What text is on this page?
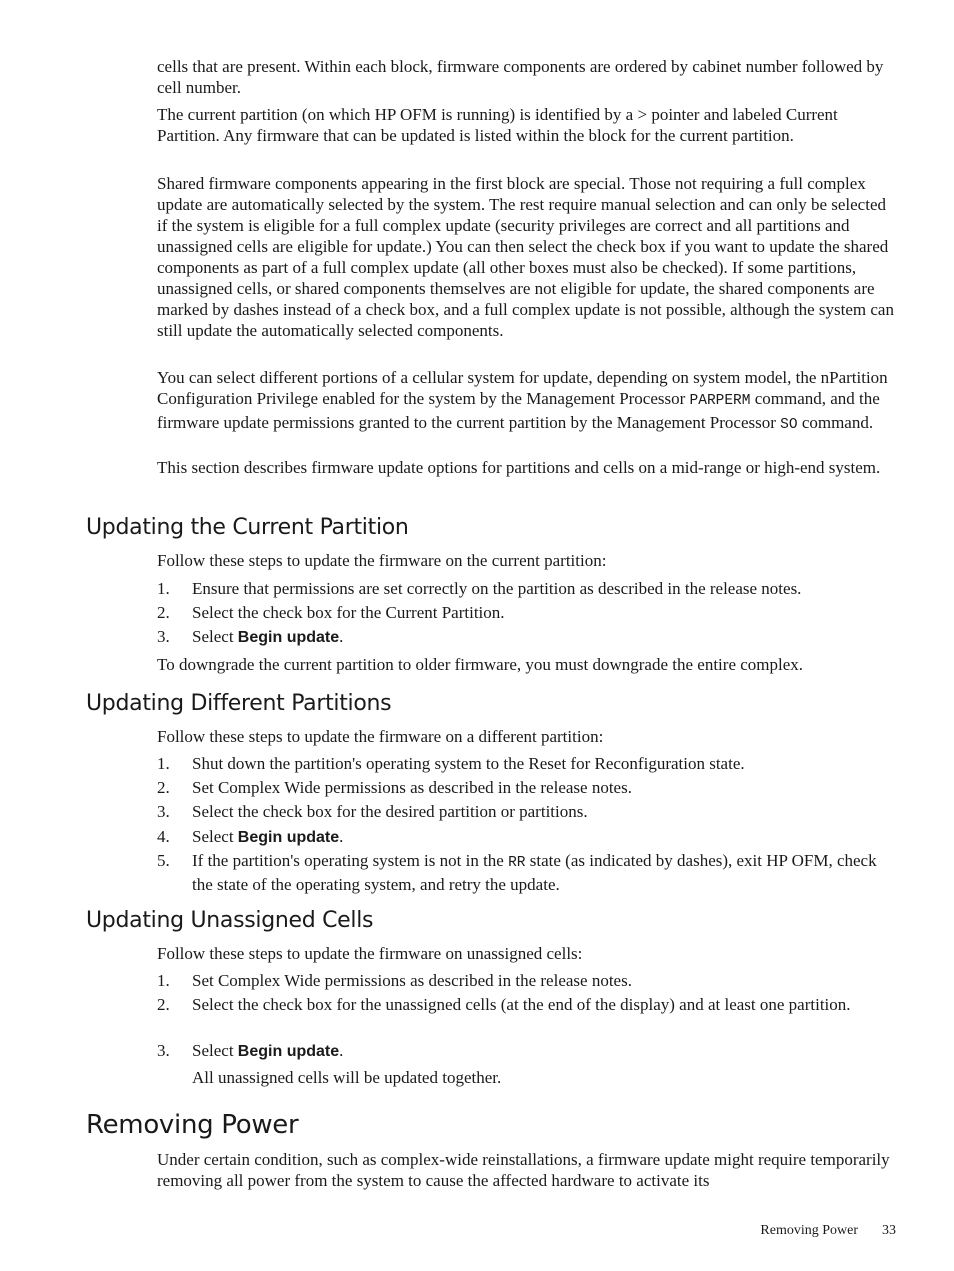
cells that are present. Within each block, firmware components are ordered by cabinet number followed by cell number.

The current partition (on which HP OFM is running) is identified by a > pointer and labeled Current Partition. Any firmware that can be updated is listed within the block for the current partition.

Shared firmware components appearing in the first block are special. Those not requiring a full complex update are automatically selected by the system. The rest require manual selection and can only be selected if the system is eligible for a full complex update (security privileges are correct and all partitions and unassigned cells are eligible for update.) You can then select the check box if you want to update the shared components as part of a full complex update (all other boxes must also be checked). If some partitions, unassigned cells, or shared components themselves are not eligible for update, the shared components are marked by dashes instead of a check box, and a full complex update is not possible, although the system can still update the automatically selected components.

You can select different portions of a cellular system for update, depending on system model, the nPartition Configuration Privilege enabled for the system by the Management Processor PARPERM command, and the firmware update permissions granted to the current partition by the Management Processor SO command.

This section describes firmware update options for partitions and cells on a mid-range or high-end system.

Updating the Current Partition

Follow these steps to update the firmware on the current partition:

1.	Ensure that permissions are set correctly on the partition as described in the release notes.
2.	Select the check box for the Current Partition.
3.	Select Begin update.

To downgrade the current partition to older firmware, you must downgrade the entire complex.

Updating Different Partitions

Follow these steps to update the firmware on a different partition:

1.	Shut down the partition's operating system to the Reset for Reconfiguration state.
2.	Set Complex Wide permissions as described in the release notes.
3.	Select the check box for the desired partition or partitions.
4.	Select Begin update.
5.	If the partition's operating system is not in the RR state (as indicated by dashes), exit HP OFM, check the state of the operating system, and retry the update.
Updating Unassigned Cells

Follow these steps to update the firmware on unassigned cells:

1.	Set Complex Wide permissions as described in the release notes.
2.	Select the check box for the unassigned cells (at the end of the display) and at least one partition.
3.	Select Begin update.

All unassigned cells will be updated together.

Removing Power

Under certain condition, such as complex-wide reinstallations, a firmware update might require temporarily removing all power from the system to cause the affected hardware to activate its

Removing Power 33
